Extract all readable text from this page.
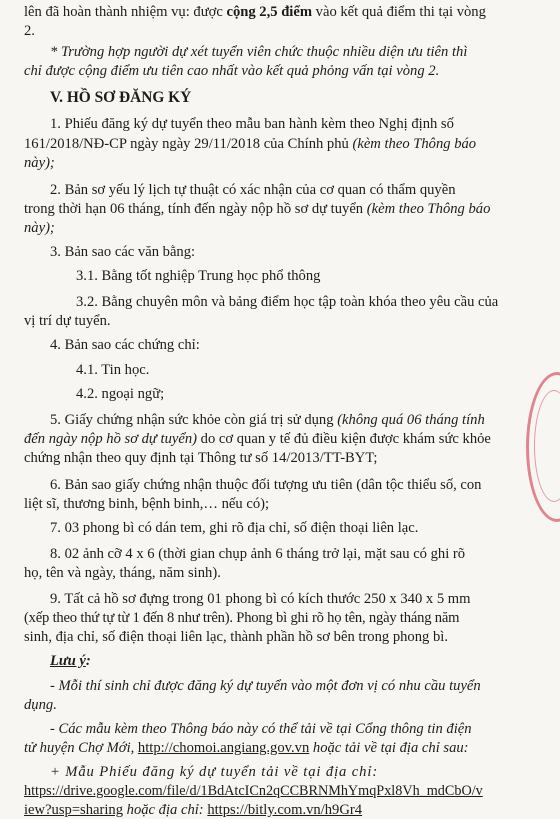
lên đã hoàn thành nhiệm vụ: được cộng 2,5 điểm vào kết quả điểm thi tại vòng
2.
* Trường hợp người dự xét tuyển viên chức thuộc nhiều diện ưu tiên thì
chỉ được cộng điểm ưu tiên cao nhất vào kết quả phỏng vấn tại vòng 2.
V. HỒ SƠ ĐĂNG KÝ
1. Phiếu đăng ký dự tuyển theo mẫu ban hành kèm theo Nghị định số
161/2018/NĐ-CP ngày ngày 29/11/2018 của Chính phủ (kèm theo Thông báo
này);
2. Bản sơ yếu lý lịch tự thuật có xác nhận của cơ quan có thẩm quyền
trong thời hạn 06 tháng, tính đến ngày nộp hồ sơ dự tuyển (kèm theo Thông báo
này);
3. Bản sao các văn bằng:
3.1. Bằng tốt nghiệp Trung học phổ thông
3.2. Bằng chuyên môn và bảng điểm học tập toàn khóa theo yêu cầu của
vị trí dự tuyển.
4. Bản sao các chứng chỉ:
4.1. Tin học.
4.2. ngoại ngữ;
5. Giấy chứng nhận sức khỏe còn giá trị sử dụng (không quá 06 tháng tính
đến ngày nộp hồ sơ dự tuyển) do cơ quan y tế đủ điều kiện được khám sức khỏe
chứng nhận theo quy định tại Thông tư số 14/2013/TT-BYT;
6. Bản sao giấy chứng nhận thuộc đối tượng ưu tiên (dân tộc thiểu số, con
liệt sĩ, thương binh, bệnh binh,… nếu có);
7. 03 phong bì có dán tem, ghi rõ địa chỉ, số điện thoại liên lạc.
8. 02 ảnh cỡ 4 x 6 (thời gian chụp ảnh 6 tháng trở lại, mặt sau có ghi rõ
họ, tên và ngày, tháng, năm sinh).
9. Tất cả hồ sơ đựng trong 01 phong bì có kích thước 250 x 340 x 5 mm
(xếp theo thứ tự từ 1 đến 8 như trên). Phong bì ghi rõ họ tên, ngày tháng năm
sinh, địa chỉ, số điện thoại liên lạc, thành phần hồ sơ bên trong phong bì.
Lưu ý:
- Mỗi thí sinh chỉ được đăng ký dự tuyển vào một đơn vị có nhu cầu tuyển
dụng.
- Các mẫu kèm theo Thông báo này có thể tải về tại Cổng thông tin điện
tử huyện Chợ Mới, http://chomoi.angiang.gov.vn hoặc tải về tại địa chỉ sau:
+ Mẫu Phiếu đăng ký dự tuyển tải về tại địa chỉ:
https://drive.google.com/file/d/1BdAtcICn2qCCBRNMhYmqPxl8Vh_mdCbO/v
iew?usp=sharing hoặc địa chỉ: https://bitly.com.vn/h9Gr4
